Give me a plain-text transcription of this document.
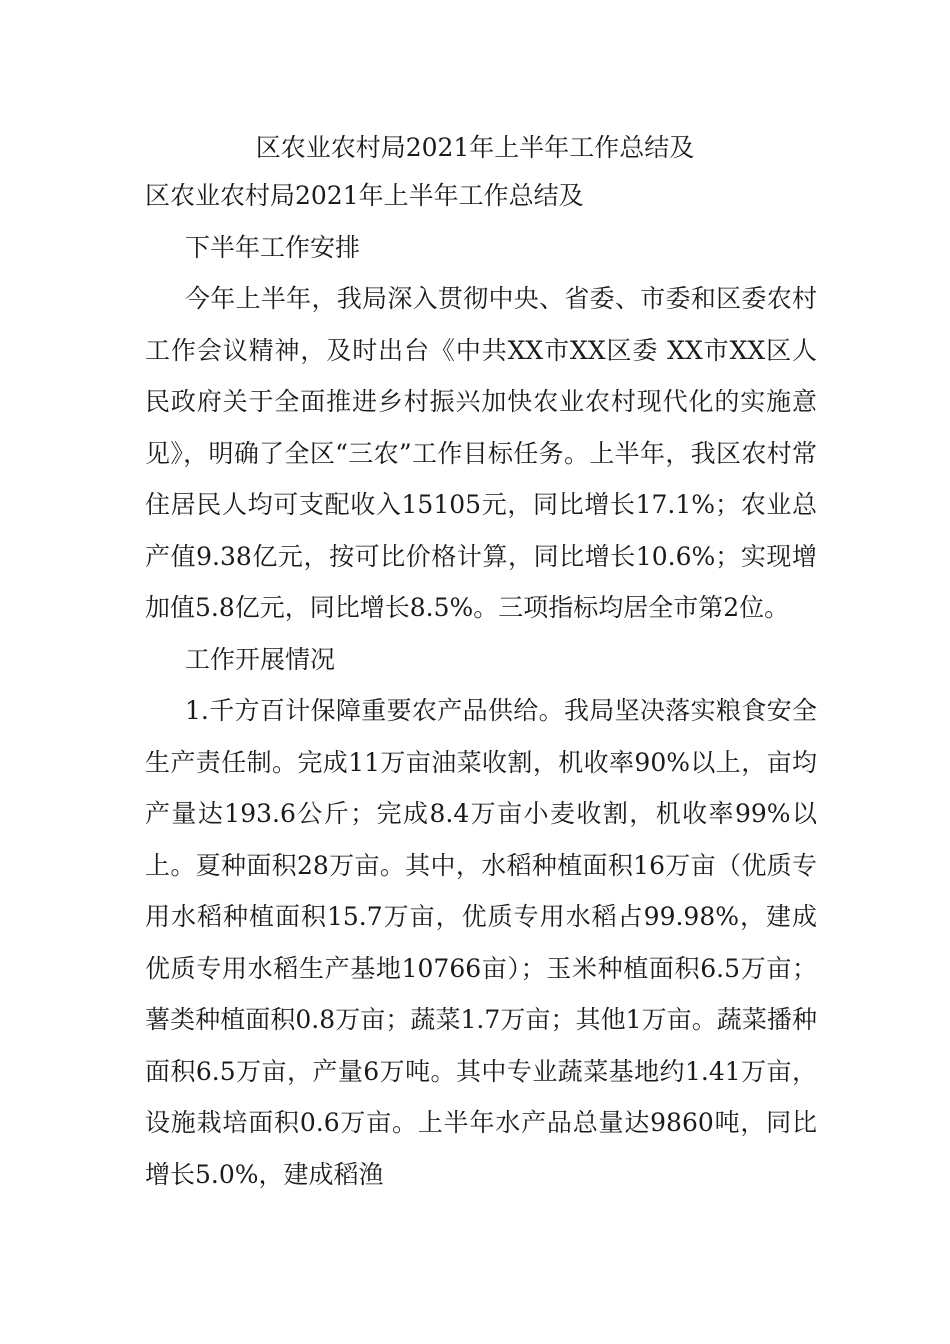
区农业农村局2021年上半年工作总结及

区农业农村局2021年上半年工作总结及

下半年工作安排

今年上半年，我局深入贯彻中央、省委、市委和区委农村工作会议精神，及时出台《中共XX市XX区委 XX市XX区人民政府关于全面推进乡村振兴加快农业农村现代化的实施意见》，明确了全区“三农”工作目标任务。上半年，我区农村常住居民人均可支配收入15105元，同比增长17.1%；农业总产值9.38亿元，按可比价格计算，同比增长10.6%；实现增加值5.8亿元，同比增长8.5%。三项指标均居全市第2位。

工作开展情况

1.千方百计保障重要农产品供给。我局坚决落实粮食安全生产责任制。完成11万亩油菜收割，机收率90%以上，亩均产量达193.6公斤；完成8.4万亩小麦收割，机收率99%以上。夏种面积28万亩。其中，水稻种植面积16万亩（优质专用水稻种植面积15.7万亩，优质专用水稻占99.98%，建成优质专用水稻生产基地10766亩）；玉米种植面积6.5万亩；薯类种植面积0.8万亩；蔬菜1.7万亩；其他1万亩。蔬菜播种面积6.5万亩，产量6万吨。其中专业蔬菜基地约1.41万亩，设施栽培面积0.6万亩。上半年水产品总量达9860吨，同比增长5.0%，建成稻渔
